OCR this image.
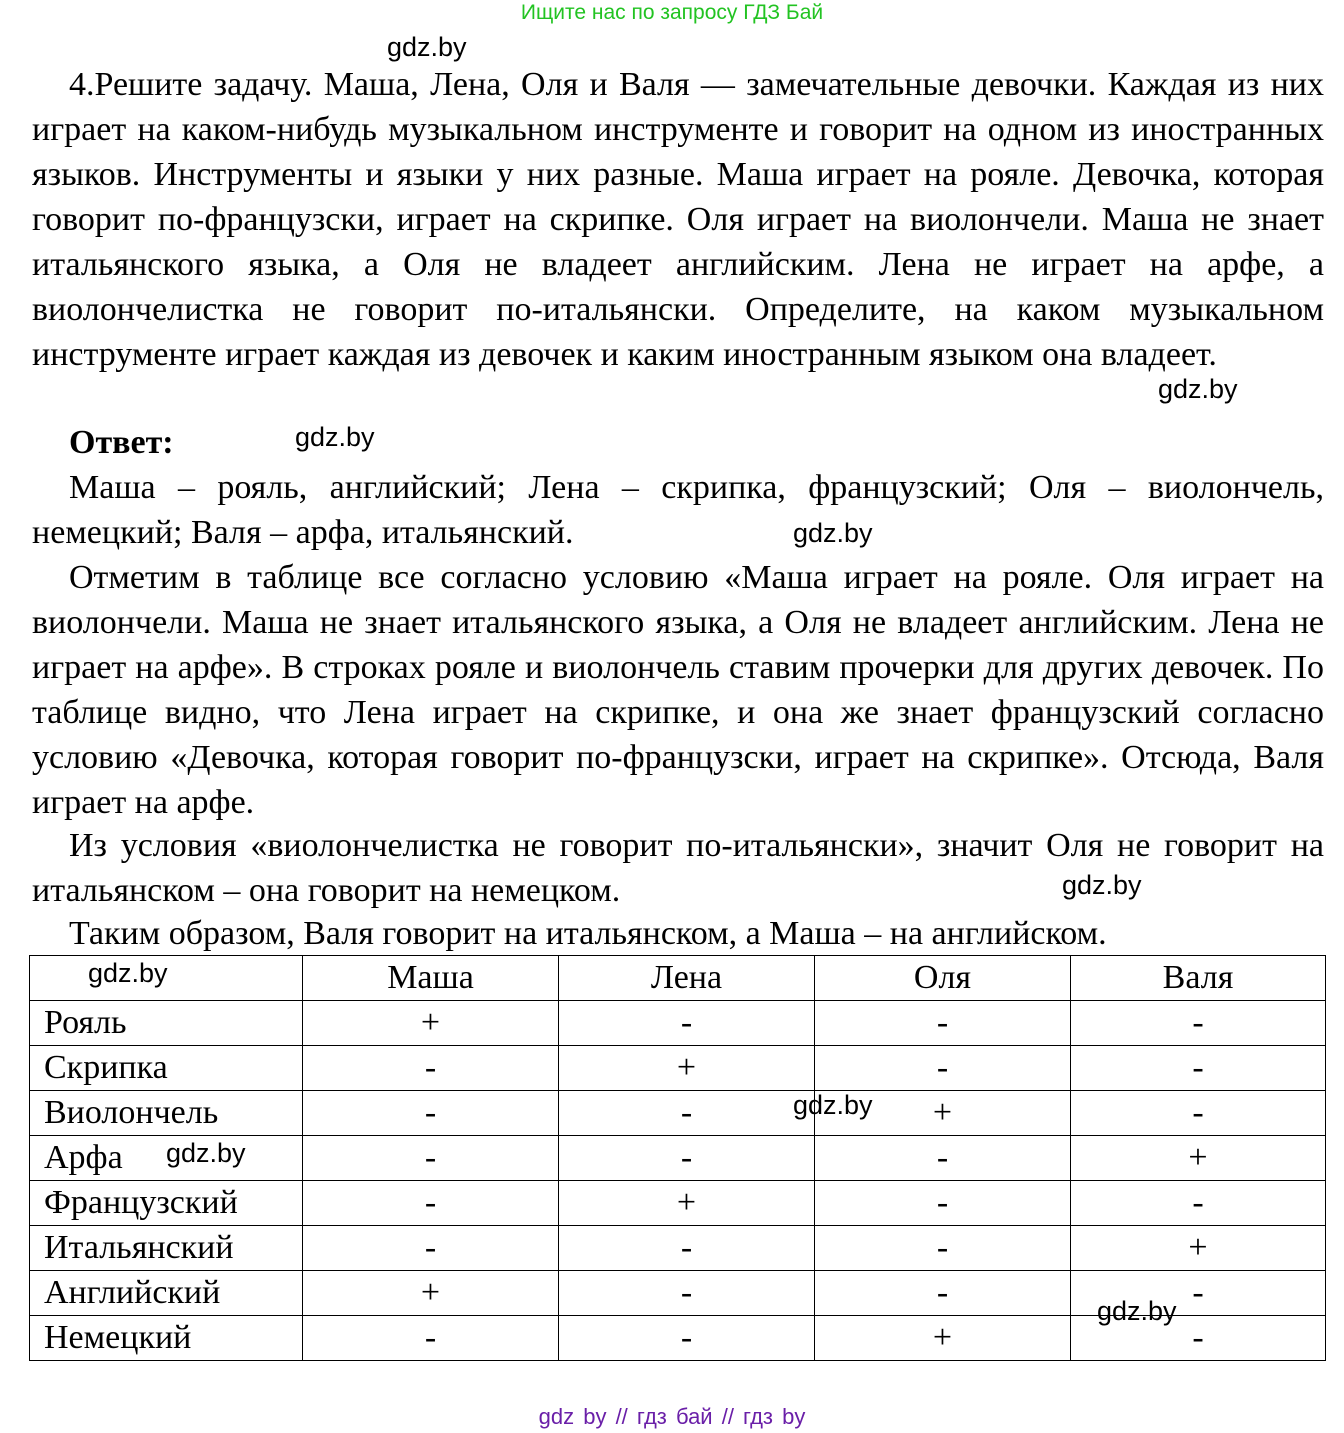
Ищите нас по запросу ГДЗ Бай
4.Решите задачу. Маша, Лена, Оля и Валя — замечательные девочки. Каждая из них играет на каком-нибудь музыкальном инструменте и говорит на одном из иностранных языков. Инструменты и языки у них разные. Маша играет на рояле. Девочка, которая говорит по-французски, играет на скрипке. Оля играет на виолончели. Маша не знает итальянского языка, а Оля не владеет английским. Лена не играет на арфе, а виолончелистка не говорит по-итальянски. Определите, на каком музыкальном инструменте играет каждая из девочек и каким иностранным языком она владеет.
Ответ:
Маша – рояль, английский; Лена – скрипка, французский; Оля – виолончель, немецкий; Валя – арфа, итальянский.
Отметим в таблице все согласно условию «Маша играет на рояле. Оля играет на виолончели. Маша не знает итальянского языка, а Оля не владеет английским. Лена не играет на арфе». В строках рояле и виолончель ставим прочерки для других девочек. По таблице видно, что Лена играет на скрипке, и она же знает французский согласно условию «Девочка, которая говорит по-французски, играет на скрипке». Отсюда, Валя играет на арфе.
Из условия «виолончелистка не говорит по-итальянски», значит Оля не говорит на итальянском – она говорит на немецком.
Таким образом, Валя говорит на итальянском, а Маша – на английском.
	Маша	Лена	Оля	Валя
Рояль	+	-	-	-
Скрипка	-	+	-	-
Виолончель	-	-	+	-
Арфа	-	-	-	+
Французский	-	+	-	-
Итальянский	-	-	-	+
Английский	+	-	-	-
Немецкий	-	-	+	-
gdz.by
gdz.by
gdz.by
gdz.by
gdz.by
gdz.by
gdz.by
gdz.by
gdz.by
gdz by // гдз бай // гдз by
